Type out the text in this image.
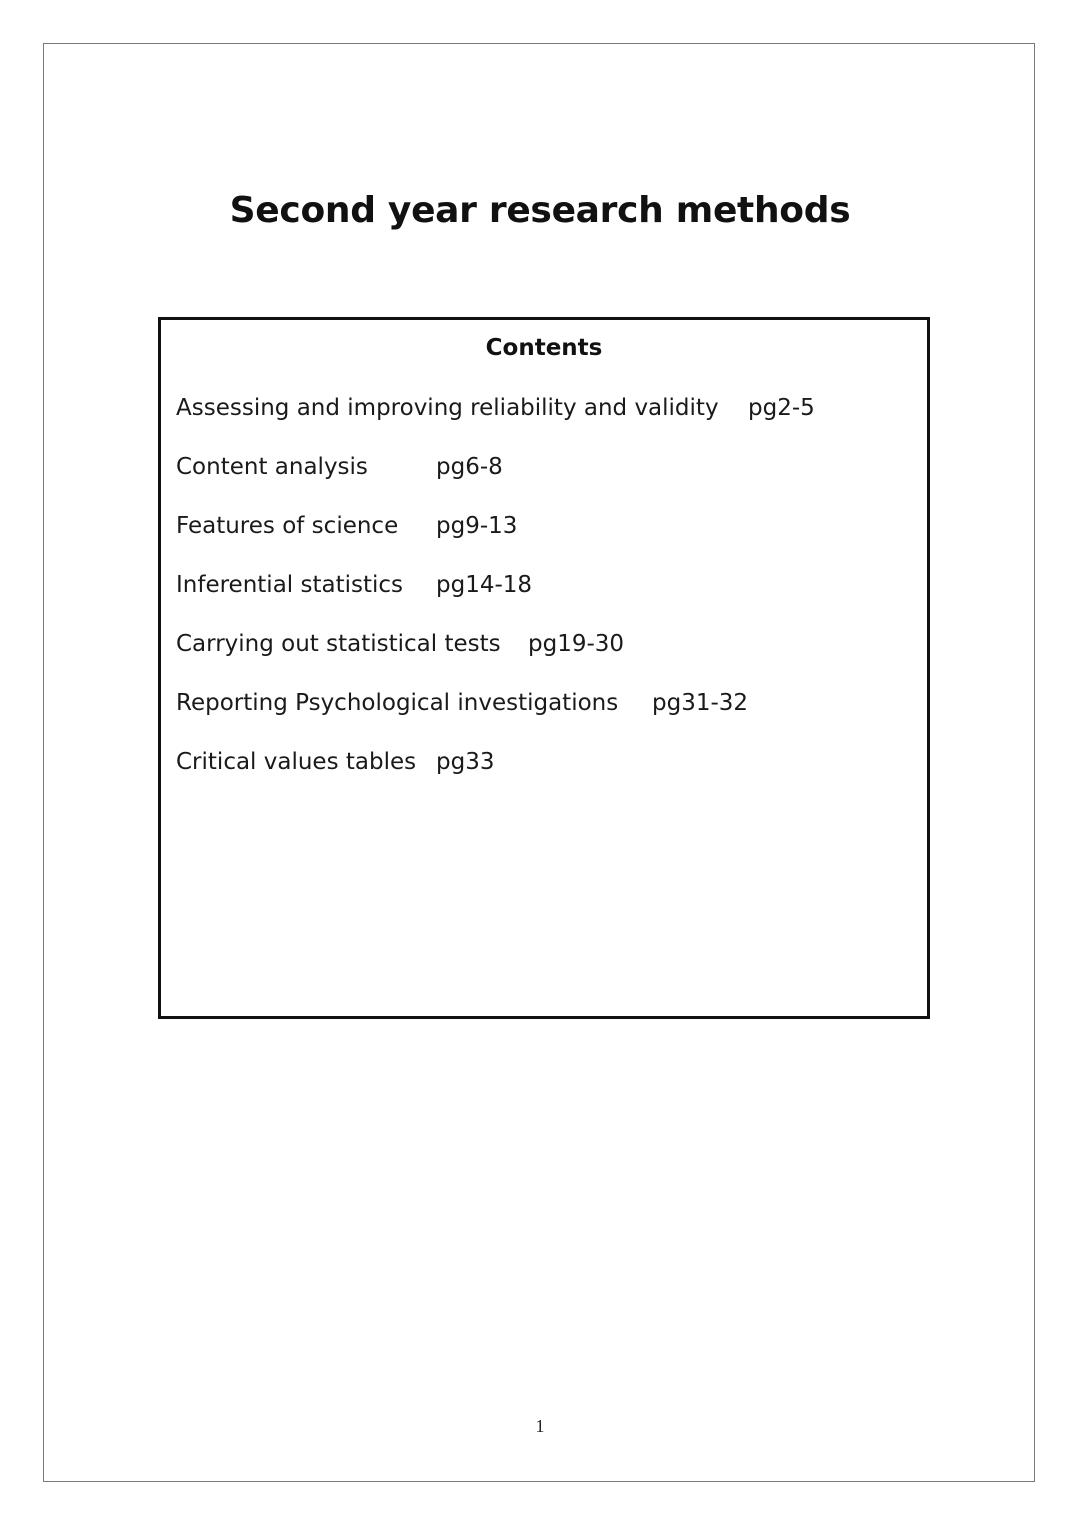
Second year research methods
Contents
Assessing and improving reliability and validity pg2-5
Content analysis	pg6-8
Features of science pg9-13
Inferential statistics pg14-18
Carrying out statistical tests pg19-30
Reporting Psychological investigations pg31-32
Critical values tables pg33
1
